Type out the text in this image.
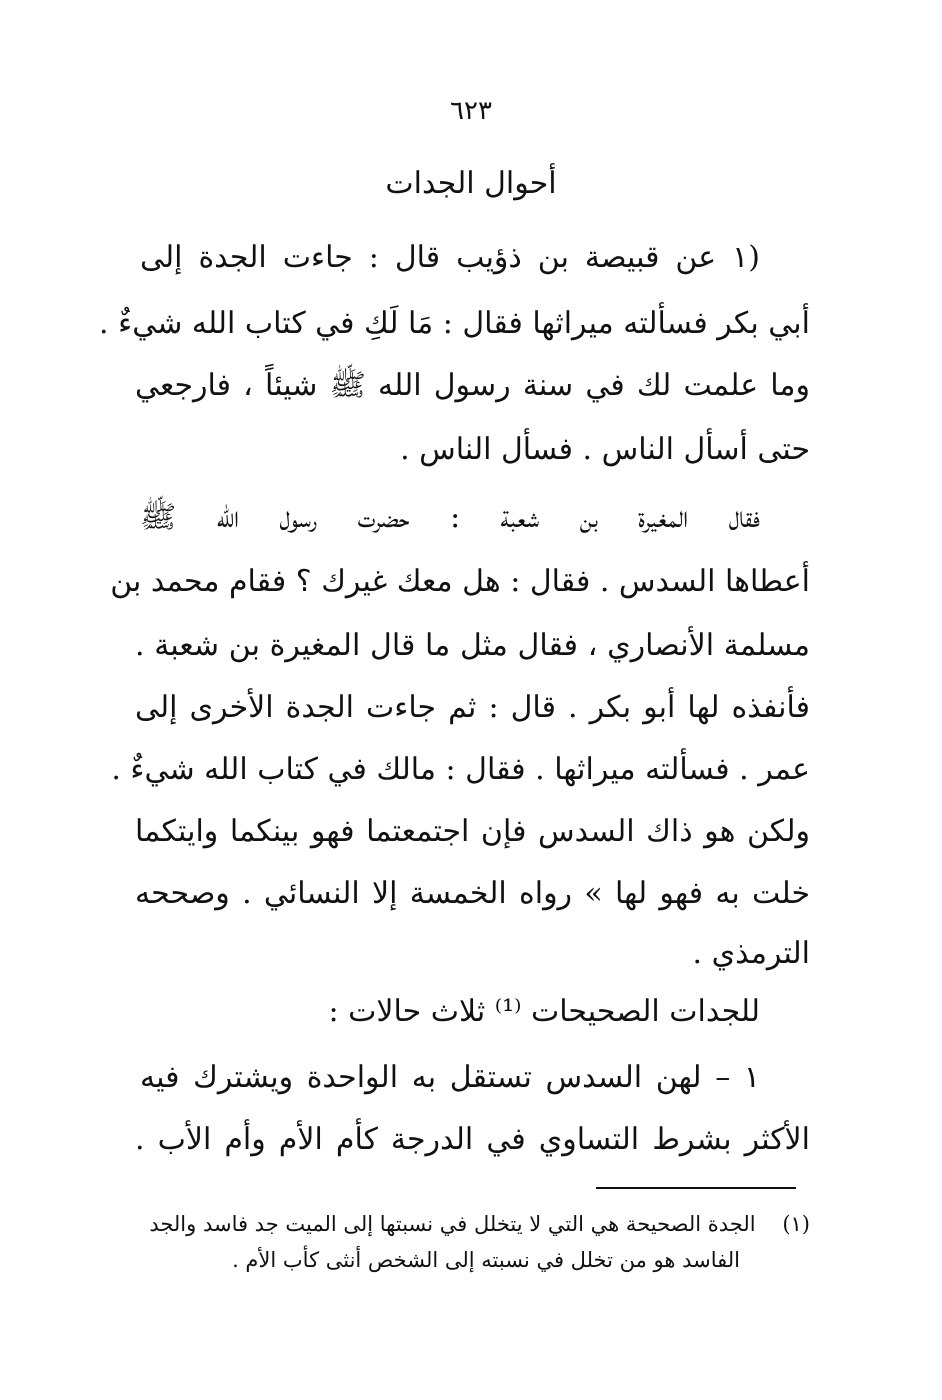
٦٢٣
أحوال الجدات
(١ عن قبيصة بن ذؤيب قال : جاءت الجدة إلى
أبي بكر فسألته ميراثها فقال : مَا لَكِ في كتاب الله شيءٌ .
وما علمت لك في سنة رسول الله ﷺ شيئاً ، فارجعي
حتى أسأل الناس . فسأل الناس .
فقال المغيرة بن شعبة : حضرت رسول الله ﷺ
أعطاها السدس . فقال : هل معك غيرك ؟ فقام محمد بن
مسلمة الأنصاري ، فقال مثل ما قال المغيرة بن شعبة .
فأنفذه لها أبو بكر . قال : ثم جاءت الجدة الأخرى إلى
عمر . فسألته ميراثها . فقال : مالك في كتاب الله شيءٌ .
ولكن هو ذاك السدس فإن اجتمعتما فهو بينكما وايتكما
خلت به فهو لها » رواه الخمسة إلا النسائي . وصححه
الترمذي .
للجدات الصحيحات ⁽¹⁾ ثلاث حالات :
١ – لهن السدس تستقل به الواحدة ويشترك فيه
الأكثر بشرط التساوي في الدرجة كأم الأم وأم الأب .
(١)    الجدة الصحيحة هي التي لا يتخلل في نسبتها إلى الميت جد فاسد والجد
الفاسد هو من تخلل في نسبته إلى الشخص أنثى كأب الأم .
